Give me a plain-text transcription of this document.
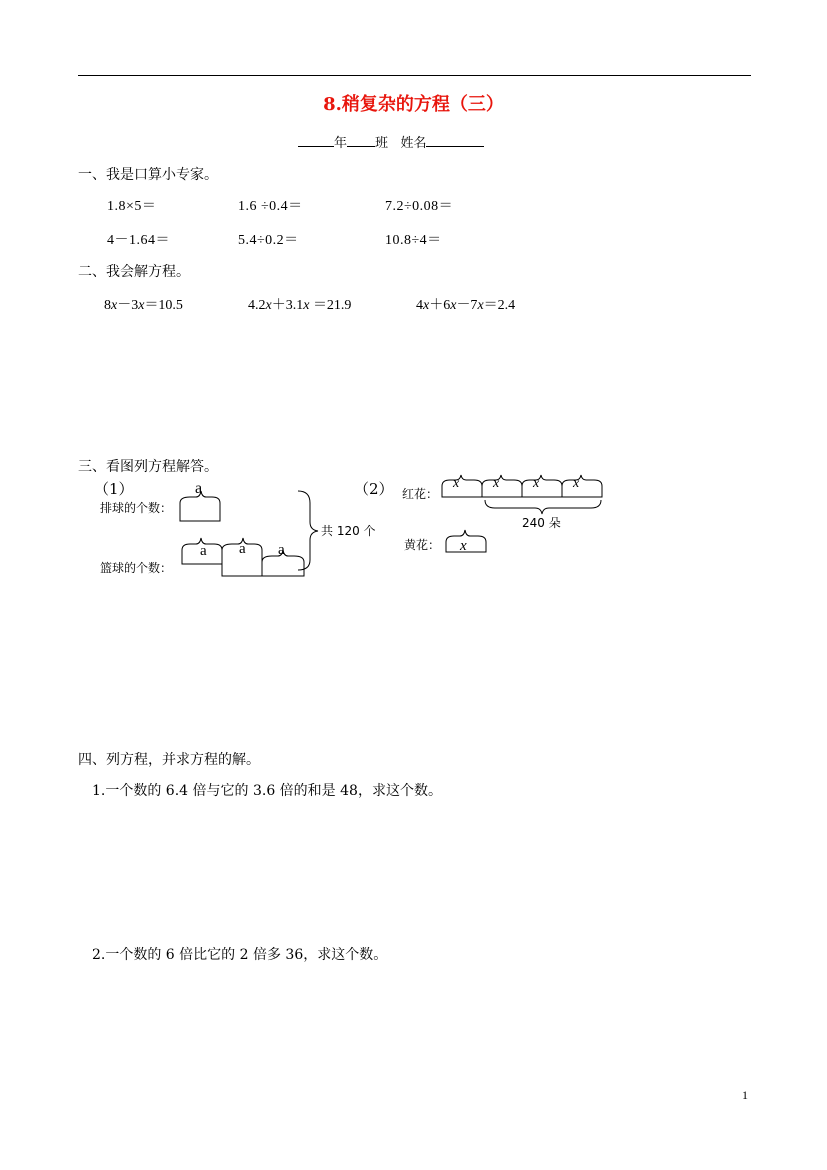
8.稍复杂的方程（三）
年 班 姓名
一、我是口算小专家。
1.8×5＝	1.6 ÷0.4＝	7.2÷0.08＝
4－1.64＝	5.4÷0.2＝	10.8÷4＝
二、我会解方程。
8x－3x＝10.5	4.2x＋3.1x ＝21.9	4x＋6x－7x＝2.4
三、看图列方程解答。
（1）	a
排球的个数：
篮球的个数：
a a a
共 120 个
（2） 红花：
黄花：
x x x x
240 朵
x
四、列方程，并求方程的解。
1.一个数的 6.4 倍与它的 3.6 倍的和是 48，求这个数。
2.一个数的 6 倍比它的 2 倍多 36，求这个数。
1
